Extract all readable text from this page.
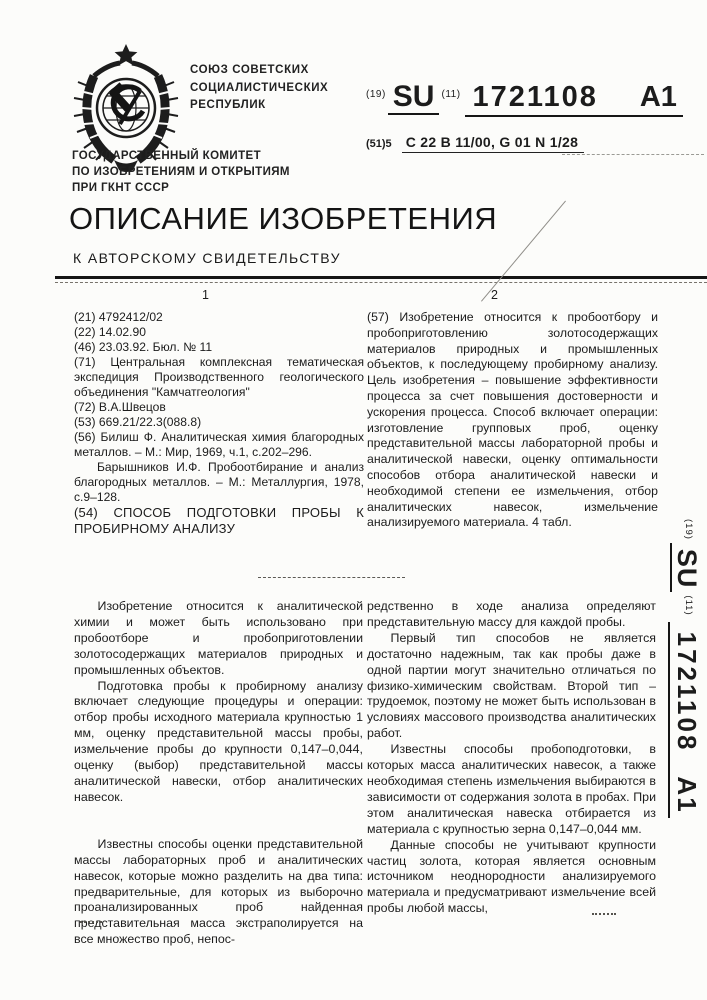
СОЮЗ СОВЕТСКИХ
СОЦИАЛИСТИЧЕСКИХ
РЕСПУБЛИК
ГОСУДАРСТВЕННЫЙ КОМИТЕТ
ПО ИЗОБРЕТЕНИЯМ И ОТКРЫТИЯМ
ПРИ ГКНТ СССР
$^{(19)}$ SU $^{(11)}$ 1721108 A1
(51)5 C 22 B 11/00, G 01 N 1/28
ОПИСАНИЕ ИЗОБРЕТЕНИЯ
К АВТОРСКОМУ СВИДЕТЕЛЬСТВУ
1	2

(21) 4792412/02

(22) 14.02.90

(46) 23.03.92. Бюл. № 11

(71) Центральная комплексная тематическая экспедиция Производственного геологического объединения "Камчатгеология"

(72) В.А.Швецов

(53) 669.21/22.3(088.8)

(56) Билиш Ф. Аналитическая химия благородных металлов. – М.: Мир, 1969, ч.1, с.202–296.

Барышников И.Ф. Пробоотбирание и анализ благородных металлов. – М.: Металлургия, 1978, с.9–128.

(54) СПОСОБ ПОДГОТОВКИ ПРОБЫ К ПРОБИРНОМУ АНАЛИЗУ

(57) Изобретение относится к пробоотбору и пробоприготовлению золотосодержащих материалов природных и промышленных объектов, к последующему пробирному анализу. Цель изобретения – повышение эффективности процесса за счет повышения достоверности и ускорения процесса. Способ включает операции: изготовление групповых проб, оценку представительной массы лабораторной пробы и аналитической навески, оценку оптимальности способов отбора аналитической навески и необходимой степени ее измельчения, отбор аналитических навесок, измельчение анализируемого материала. 4 табл.

Изобретение относится к аналитической химии и может быть использовано при пробоотборе и пробоприготовлении золотосодержащих материалов природных и промышленных объектов.

Подготовка пробы к пробирному анализу включает следующие процедуры и операции: отбор пробы исходного материала крупностью 1 мм, оценку представительной массы пробы, измельчение пробы до крупности 0,147–0,044, оценку (выбор) представительной массы аналитической навески, отбор аналитических навесок.

Известны способы оценки представительной массы лабораторных проб и аналитических навесок, которые можно разделить на два типа: предварительные, для которых из выборочно проанализированных проб найденная представительная масса экстраполируется на все множество проб, непос-

редственно в ходе анализа определяют представительную массу для каждой пробы.

Первый тип способов не является достаточно надежным, так как пробы даже в одной партии могут значительно отличаться по физико-химическим свойствам. Второй тип – трудоемок, поэтому не может быть использован в условиях массового производства аналитических работ.

Известны способы пробоподготовки, в которых масса аналитических навесок, а также необходимая степень измельчения выбираются в зависимости от содержания золота в пробах. При этом аналитическая навеска отбирается из материала с крупностью зерна 0,147–0,044 мм.

Данные способы не учитывают крупности частиц золота, которая является основным источником неоднородности анализируемого материала и предусматривают измельчение всей пробы любой массы,

$^{(19)}$SU$^{(11)}$1721108A1
